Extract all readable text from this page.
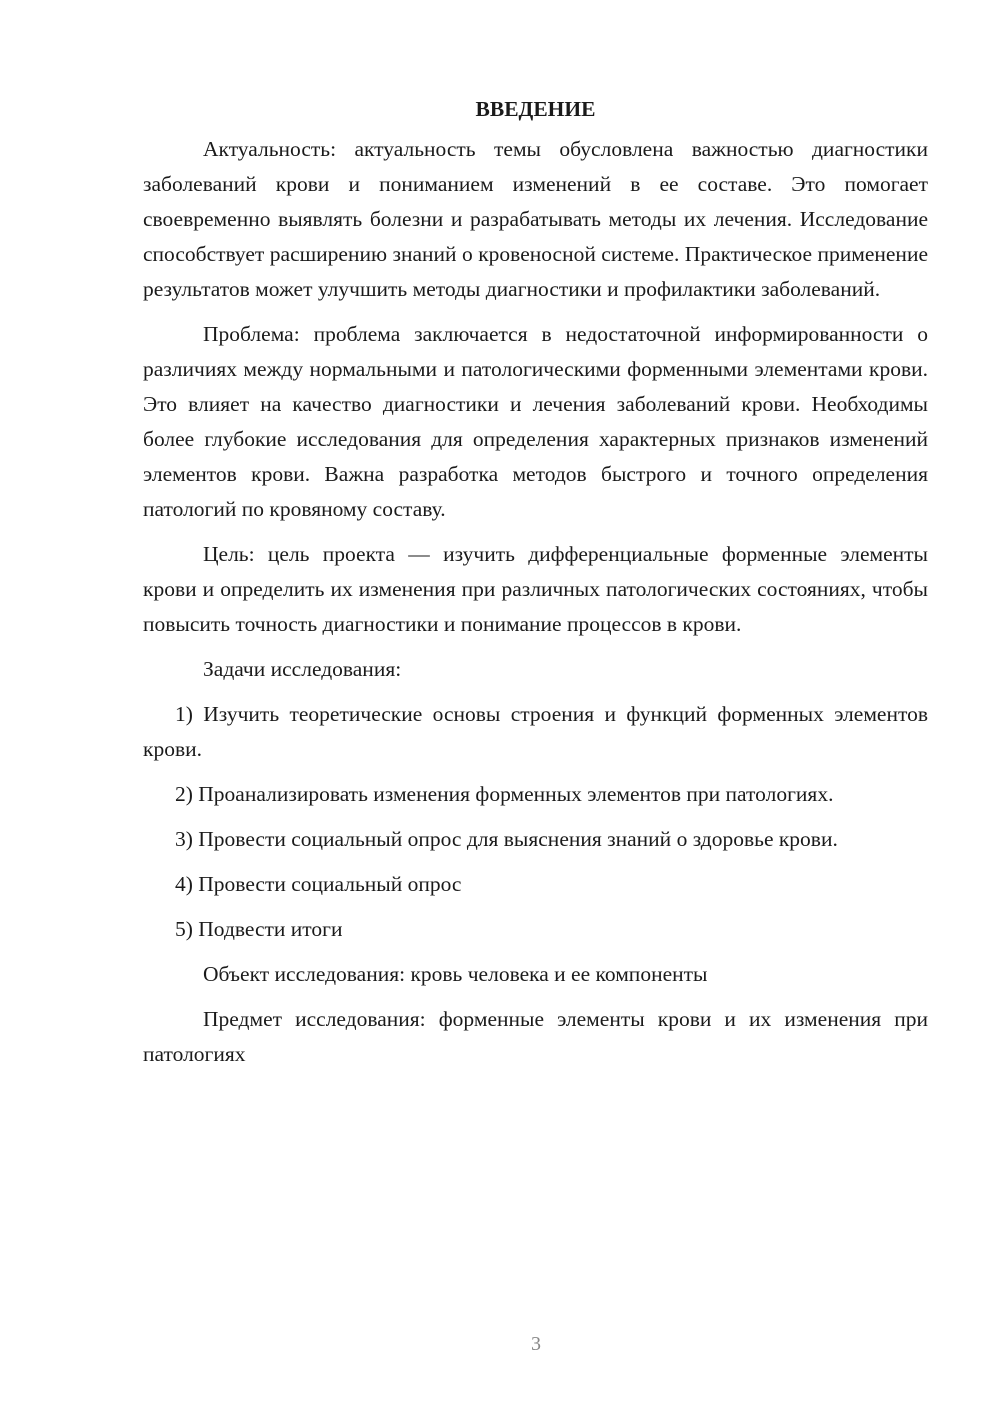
ВВЕДЕНИЕ

Актуальность: актуальность темы обусловлена важностью диагностики заболеваний крови и пониманием изменений в ее составе. Это помогает своевременно выявлять болезни и разрабатывать методы их лечения. Исследование способствует расширению знаний о кровеносной системе. Практическое применение результатов может улучшить методы диагностики и профилактики заболеваний.

Проблема: проблема заключается в недостаточной информированности о различиях между нормальными и патологическими форменными элементами крови. Это влияет на качество диагностики и лечения заболеваний крови. Необходимы более глубокие исследования для определения характерных признаков изменений элементов крови. Важна разработка методов быстрого и точного определения патологий по кровяному составу.

Цель: цель проекта — изучить дифференциальные форменные элементы крови и определить их изменения при различных патологических состояниях, чтобы повысить точность диагностики и понимание процессов в крови.

Задачи исследования:

1) Изучить теоретические основы строения и функций форменных элементов крови.

2) Проанализировать изменения форменных элементов при патологиях.

3) Провести социальный опрос для выяснения знаний о здоровье крови.

4) Провести социальный опрос

5) Подвести итоги

Объект исследования: кровь человека и ее компоненты

Предмет исследования: форменные элементы крови и их изменения при патологиях

3
